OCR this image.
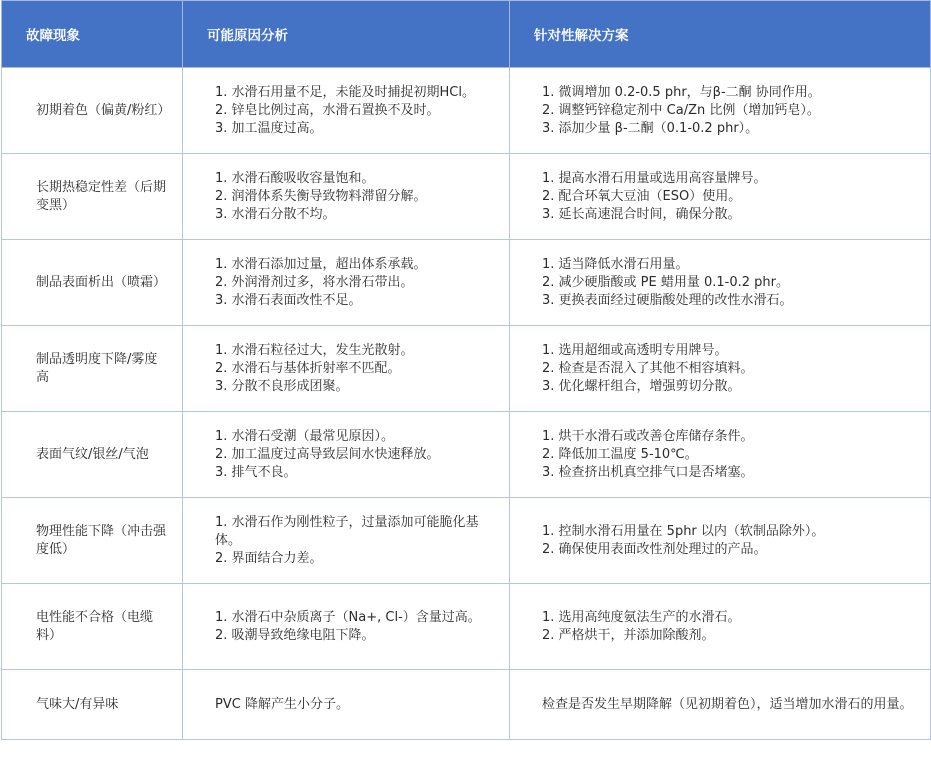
故障现象	可能原因分析	针对性解决方案
初期着色（偏黄/粉红）	1. 水滑石用量不足，未能及时捕捉初期HCl。
2. 锌皂比例过高，水滑石置换不及时。
3. 加工温度过高。	1. 微调增加 0.2-0.5 phr，与β-二酮 协同作用。
2. 调整钙锌稳定剂中 Ca/Zn 比例（增加钙皂）。
3. 添加少量 β-二酮（0.1-0.2 phr）。

长期热稳定性差（后期变黑）	1. 水滑石酸吸收容量饱和。
2. 润滑体系失衡导致物料滞留分解。
3. 水滑石分散不均。	1. 提高水滑石用量或选用高容量牌号。
2. 配合环氧大豆油（ESO）使用。
3. 延长高速混合时间，确保分散。

制品表面析出（喷霜）	1. 水滑石添加过量，超出体系承载。
2. 外润滑剂过多，将水滑石带出。
3. 水滑石表面改性不足。	1. 适当降低水滑石用量。
2. 减少硬脂酸或 PE 蜡用量 0.1-0.2 phr。
3. 更换表面经过硬脂酸处理的改性水滑石。

制品透明度下降/雾度高	1. 水滑石粒径过大，发生光散射。
2. 水滑石与基体折射率不匹配。
3. 分散不良形成团聚。	1. 选用超细或高透明专用牌号。
2. 检查是否混入了其他不相容填料。
3. 优化螺杆组合，增强剪切分散。

表面气纹/银丝/气泡	1. 水滑石受潮（最常见原因）。
2. 加工温度过高导致层间水快速释放。
3. 排气不良。	1. 烘干水滑石或改善仓库储存条件。
2. 降低加工温度 5-10℃。
3. 检查挤出机真空排气口是否堵塞。

物理性能下降（冲击强度低）	1. 水滑石作为刚性粒子，过量添加可能脆化基体。
2. 界面结合力差。	1. 控制水滑石用量在 5phr 以内（软制品除外）。
2. 确保使用表面改性剂处理过的产品。

电性能不合格（电缆料）	1. 水滑石中杂质离子（Na+, Cl-）含量过高。
2. 吸潮导致绝缘电阻下降。	1. 选用高纯度氨法生产的水滑石。
2. 严格烘干，并添加除酸剂。

气味大/有异味	PVC 降解产生小分子。	检查是否发生早期降解（见初期着色），适当增加水滑石的用量。
